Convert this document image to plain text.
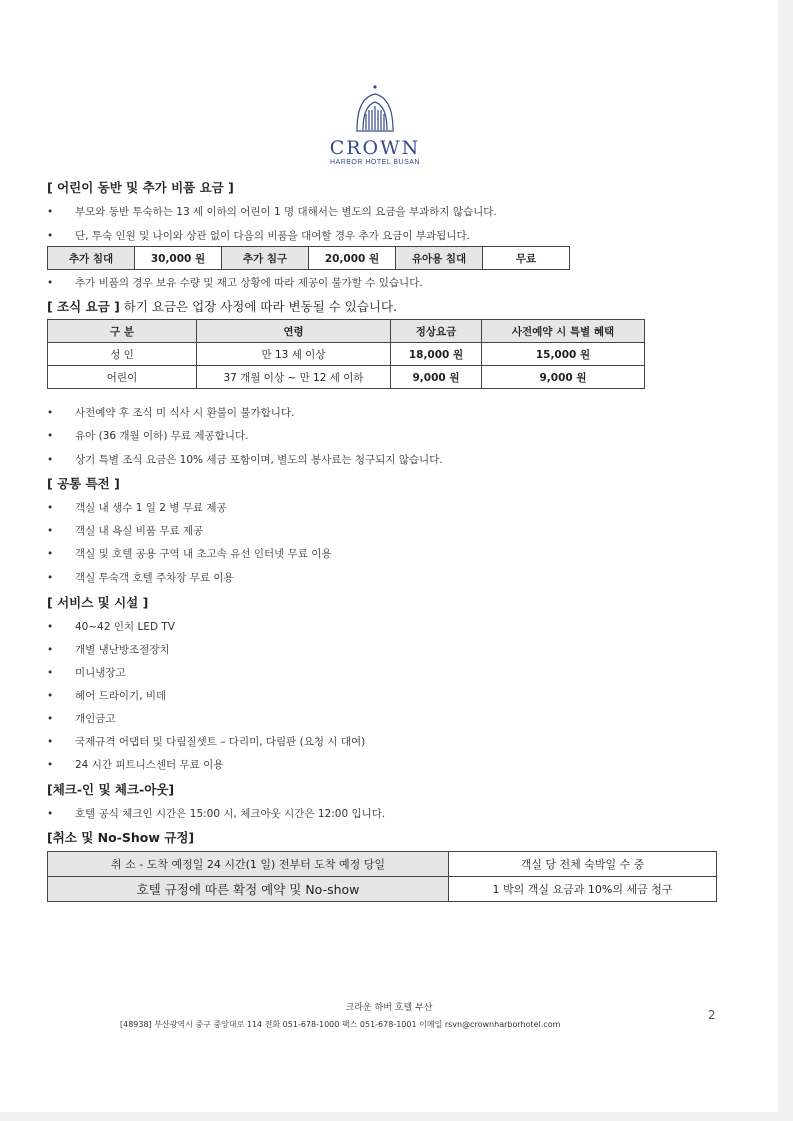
CROWN
HARBOR HOTEL BUSAN
[ 어린이 동반 및 추가 비품 요금 ]
• 부모와 동반 투숙하는 13 세 이하의 어린이 1 명 대해서는 별도의 요금을 부과하지 않습니다.
• 단, 투숙 인원 및 나이와 상관 없이 다음의 비품을 대여할 경우 추가 요금이 부과됩니다.
추가 침대	30,000 원	추가 침구	20,000 원	유아용 침대	무료
• 추가 비품의 경우 보유 수량 및 재고 상황에 따라 제공이 불가할 수 있습니다.
[ 조식 요금 ] 하기 요금은 업장 사정에 따라 변동될 수 있습니다.
구 분	연령	정상요금	사전예약 시 특별 혜택
성 인	만 13 세 이상	18,000 원	15,000 원
어린이	37 개월 이상 ~ 만 12 세 이하	9,000 원	9,000 원
• 사전예약 후 조식 미 식사 시 환불이 불가합니다.
• 유아 (36 개월 이하) 무료 제공합니다.
• 상기 특별 조식 요금은 10% 세금 포함이며, 별도의 봉사료는 청구되지 않습니다.
[ 공통 특전 ]
• 객실 내 생수 1 일 2 병 무료 제공
• 객실 내 욕실 비품 무료 제공
• 객실 및 호텔 공용 구역 내 초고속 유선 인터넷 무료 이용
• 객실 투숙객 호텔 주차장 무료 이용
[ 서비스 및 시설 ]
• 40~42 인치 LED TV
• 개별 냉난방조절장치
• 미니냉장고
• 헤어 드라이기, 비데
• 개인금고
• 국제규격 어댑터 및 다림질셋트 – 다리미, 다림판 (요청 시 대여)
• 24 시간 피트니스센터 무료 이용
[체크-인 및 체크-아웃]
• 호텔 공식 체크인 시간은 15:00 시, 체크아웃 시간은 12:00 입니다.
[취소 및 No-Show 규정]
취 소 - 도착 예정일 24 시간(1 일) 전부터 도착 예정 당일	객실 당 전체 숙박일 수 중
호텔 규정에 따른 확정 예약 및 No-show	1 박의 객실 요금과 10%의 세금 청구
크라운 하버 호텔 부산
[48938] 부산광역시 중구 중앙대로 114 전화 051-678-1000 팩스 051-678-1001 이메일 rsvn@crownharborhotel.com
2
